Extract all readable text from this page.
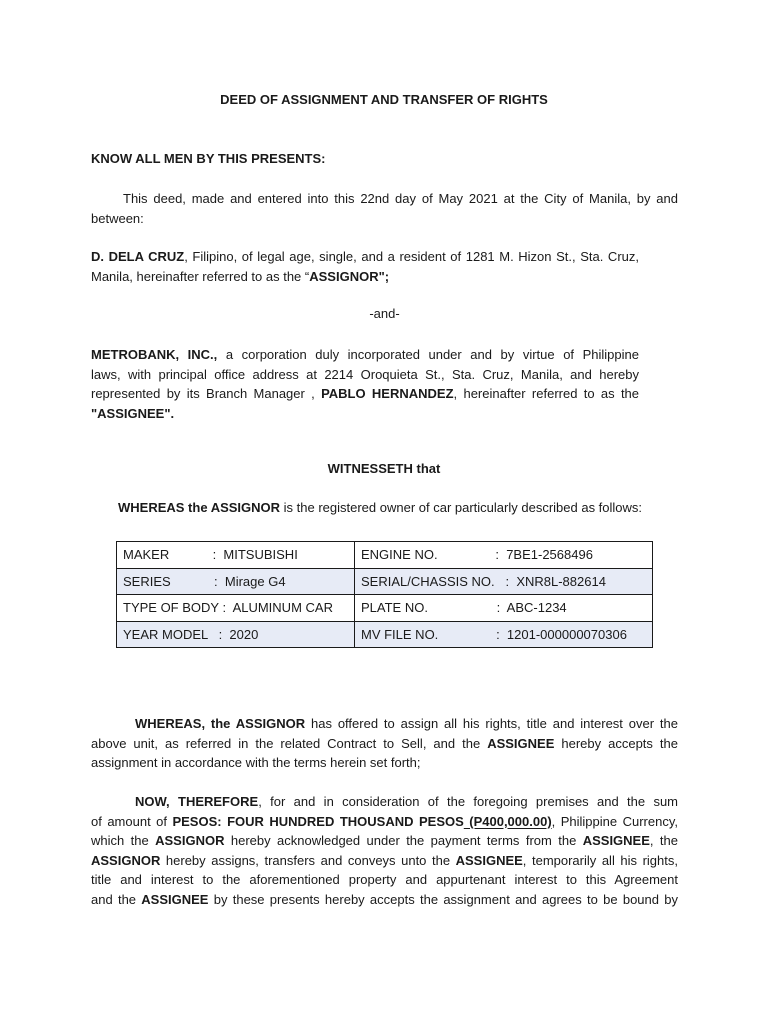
DEED OF ASSIGNMENT AND TRANSFER OF RIGHTS
KNOW ALL MEN BY THIS PRESENTS:
This deed, made and entered into this 22nd day of May 2021 at the City of Manila, by and
between:
D. DELA CRUZ, Filipino, of legal age, single, and a resident of 1281 M. Hizon St., Sta. Cruz,
Manila, hereinafter referred to as the “ASSIGNOR";
-and-
METROBANK, INC., a corporation duly incorporated under and by virtue of Philippine
laws, with principal office address at 2214 Oroquieta St., Sta. Cruz, Manila, and hereby
represented by its Branch Manager , PABLO HERNANDEZ, hereinafter referred to as the
"ASSIGNEE".
WITNESSETH that
WHEREAS the ASSIGNOR is the registered owner of car particularly described as follows:
MAKER            :  MITSUBISHI	ENGINE NO.                :  7BE1-2568496
SERIES            :  Mirage G4	SERIAL/CHASSIS NO.   :  XNR8L-882614
TYPE OF BODY :  ALUMINUM CAR	PLATE NO.                   :  ABC-1234
YEAR MODEL   :  2020	MV FILE NO.                :  1201-000000070306
WHEREAS, the ASSIGNOR has offered to assign all his rights, title and interest over the
above unit, as referred in the related Contract to Sell, and the ASSIGNEE hereby accepts the
assignment in accordance with the terms herein set forth;
NOW, THEREFORE, for and in consideration of the foregoing premises and the sum
of amount of PESOS: FOUR HUNDRED THOUSAND PESOS (P400,000.00), Philippine Currency,
which the ASSIGNOR hereby acknowledged under the payment terms from the ASSIGNEE, the
ASSIGNOR hereby assigns, transfers and conveys unto the ASSIGNEE, temporarily all his rights,
title and interest to the aforementioned property and appurtenant interest to this Agreement
and the ASSIGNEE by these presents hereby accepts the assignment and agrees to be bound by
